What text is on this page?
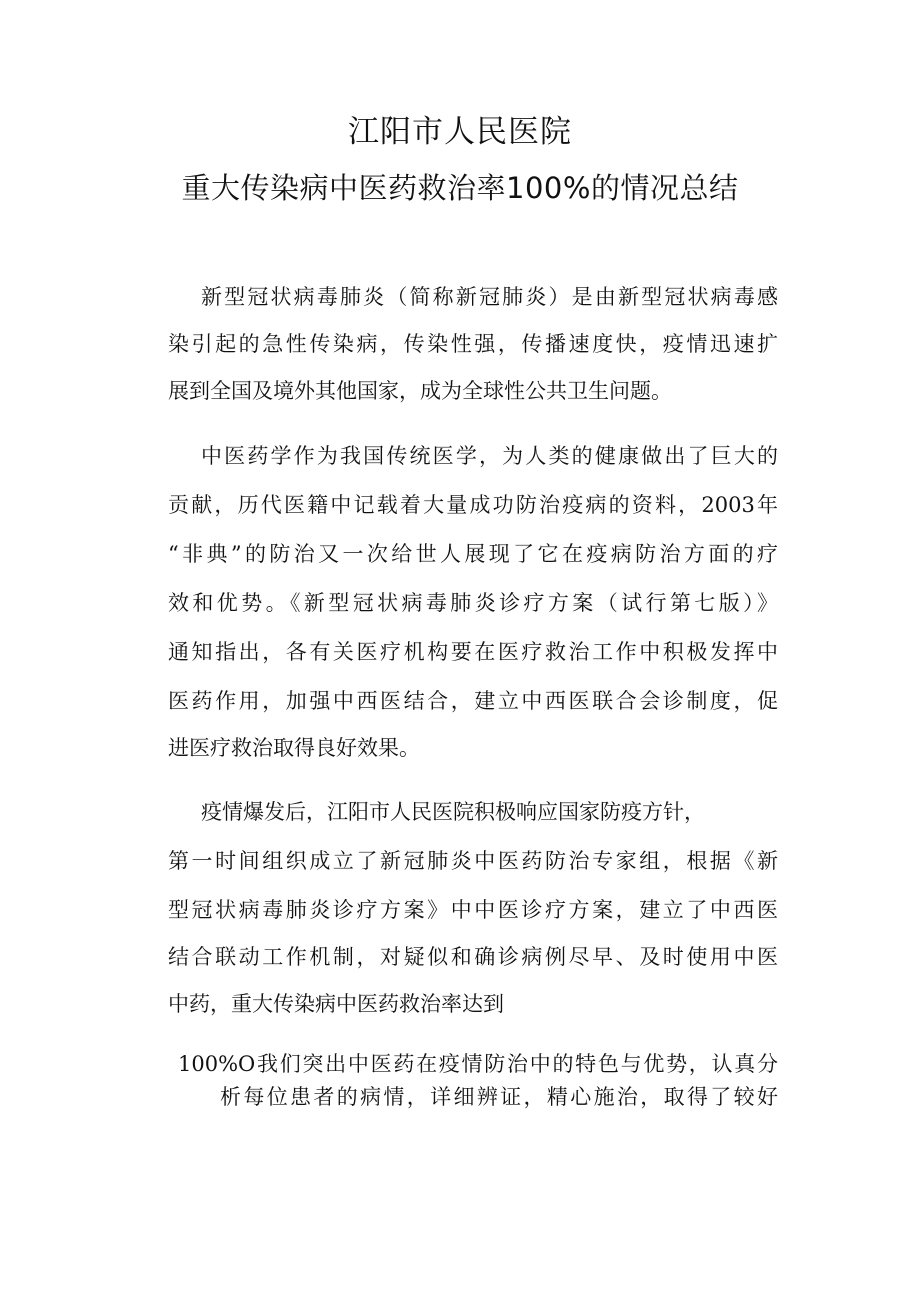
江阳市人民医院
重大传染病中医药救治率100%的情况总结
新型冠状病毒肺炎（简称新冠肺炎）是由新型冠状病毒感
染引起的急性传染病，传染性强，传播速度快，疫情迅速扩
展到全国及境外其他国家，成为全球性公共卫生问题。
中医药学作为我国传统医学，为人类的健康做出了巨大的
贡献，历代医籍中记载着大量成功防治疫病的资料，2003年
“非典”的防治又一次给世人展现了它在疫病防治方面的疗
效和优势。《新型冠状病毒肺炎诊疗方案（试行第七版）》
通知指出，各有关医疗机构要在医疗救治工作中积极发挥中
医药作用，加强中西医结合，建立中西医联合会诊制度，促
进医疗救治取得良好效果。
疫情爆发后，江阳市人民医院积极响应国家防疫方针，
第一时间组织成立了新冠肺炎中医药防治专家组，根据《新
型冠状病毒肺炎诊疗方案》中中医诊疗方案，建立了中西医
结合联动工作机制，对疑似和确诊病例尽早、及时使用中医
中药，重大传染病中医药救治率达到
100%O我们突出中医药在疫情防治中的特色与优势，认真分
析每位患者的病情，详细辨证，精心施治，取得了较好
